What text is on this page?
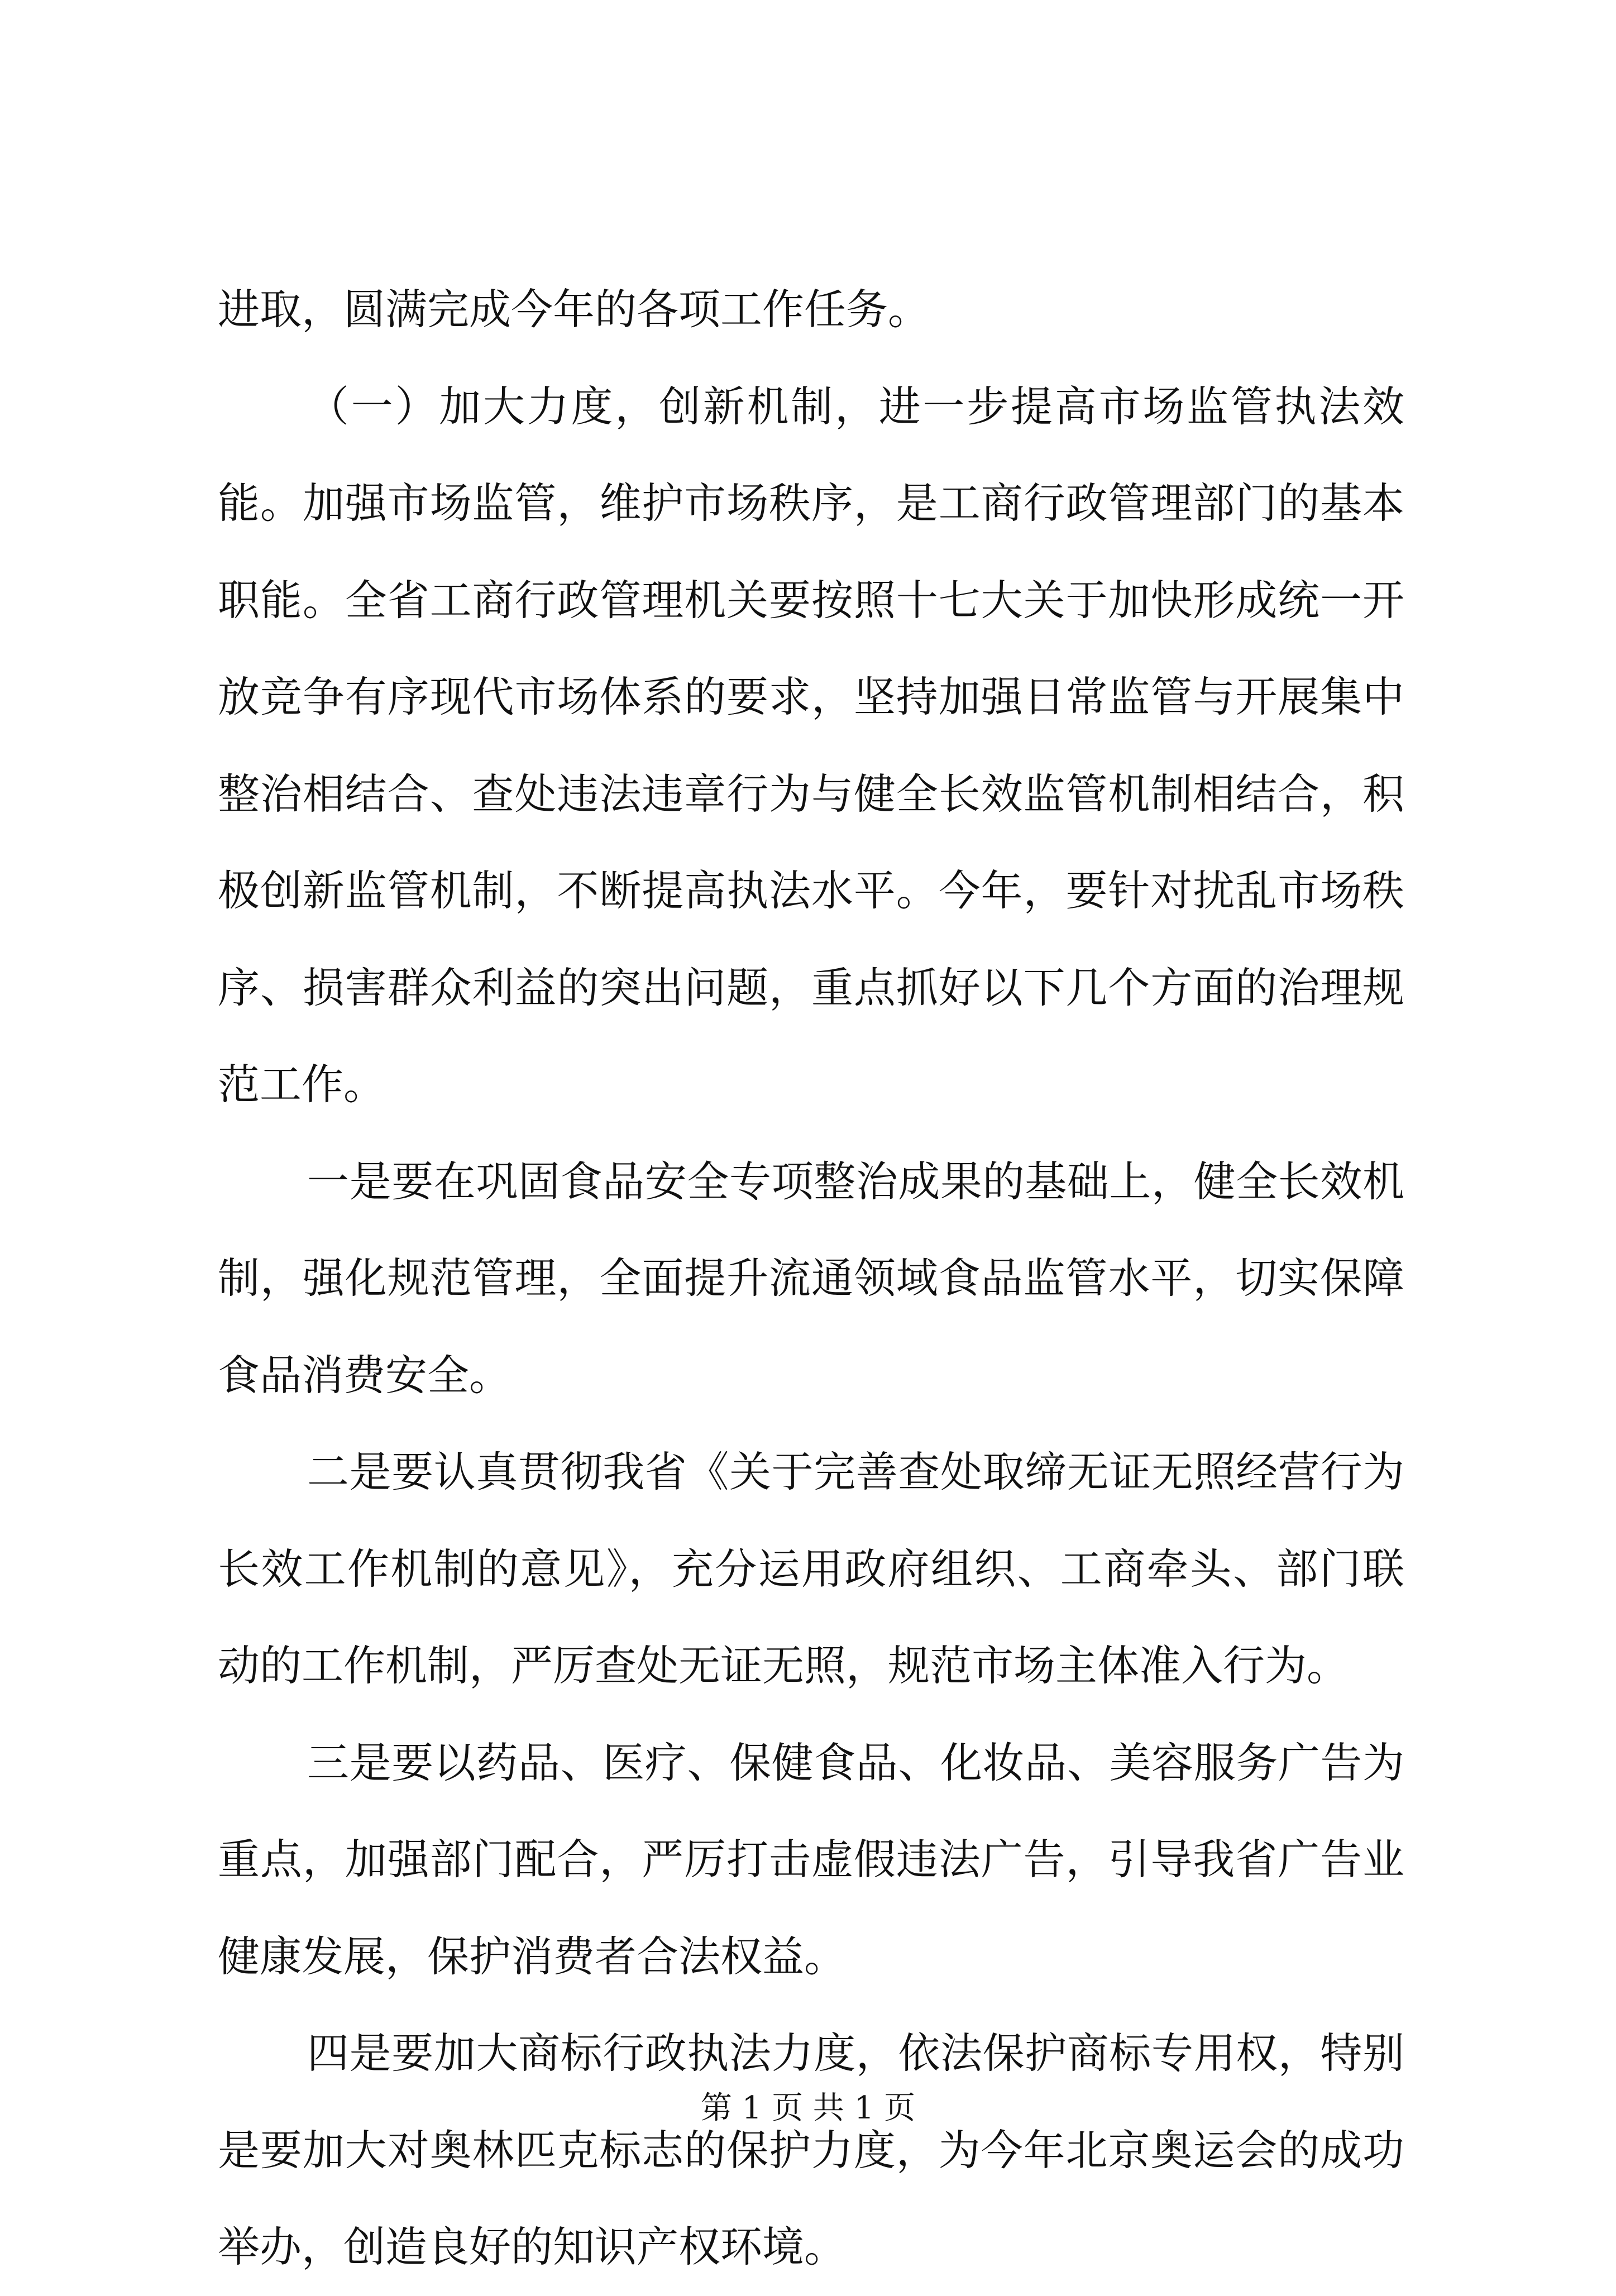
进取，圆满完成今年的各项工作任务。

（一）加大力度，创新机制，进一步提高市场监管执法效能。加强市场监管，维护市场秩序，是工商行政管理部门的基本职能。全省工商行政管理机关要按照十七大关于加快形成统一开放竞争有序现代市场体系的要求，坚持加强日常监管与开展集中整治相结合、查处违法违章行为与健全长效监管机制相结合，积极创新监管机制，不断提高执法水平。今年，要针对扰乱市场秩序、损害群众利益的突出问题，重点抓好以下几个方面的治理规范工作。

一是要在巩固食品安全专项整治成果的基础上，健全长效机制，强化规范管理，全面提升流通领域食品监管水平，切实保障食品消费安全。

二是要认真贯彻我省《关于完善查处取缔无证无照经营行为长效工作机制的意见》，充分运用政府组织、工商牵头、部门联动的工作机制，严厉查处无证无照，规范市场主体准入行为。

三是要以药品、医疗、保健食品、化妆品、美容服务广告为重点，加强部门配合，严厉打击虚假违法广告，引导我省广告业健康发展，保护消费者合法权益。

四是要加大商标行政执法力度，依法保护商标专用权，特别是要加大对奥林匹克标志的保护力度，为今年北京奥运会的成功举办，创造良好的知识产权环境。

第 1 页 共 1 页
